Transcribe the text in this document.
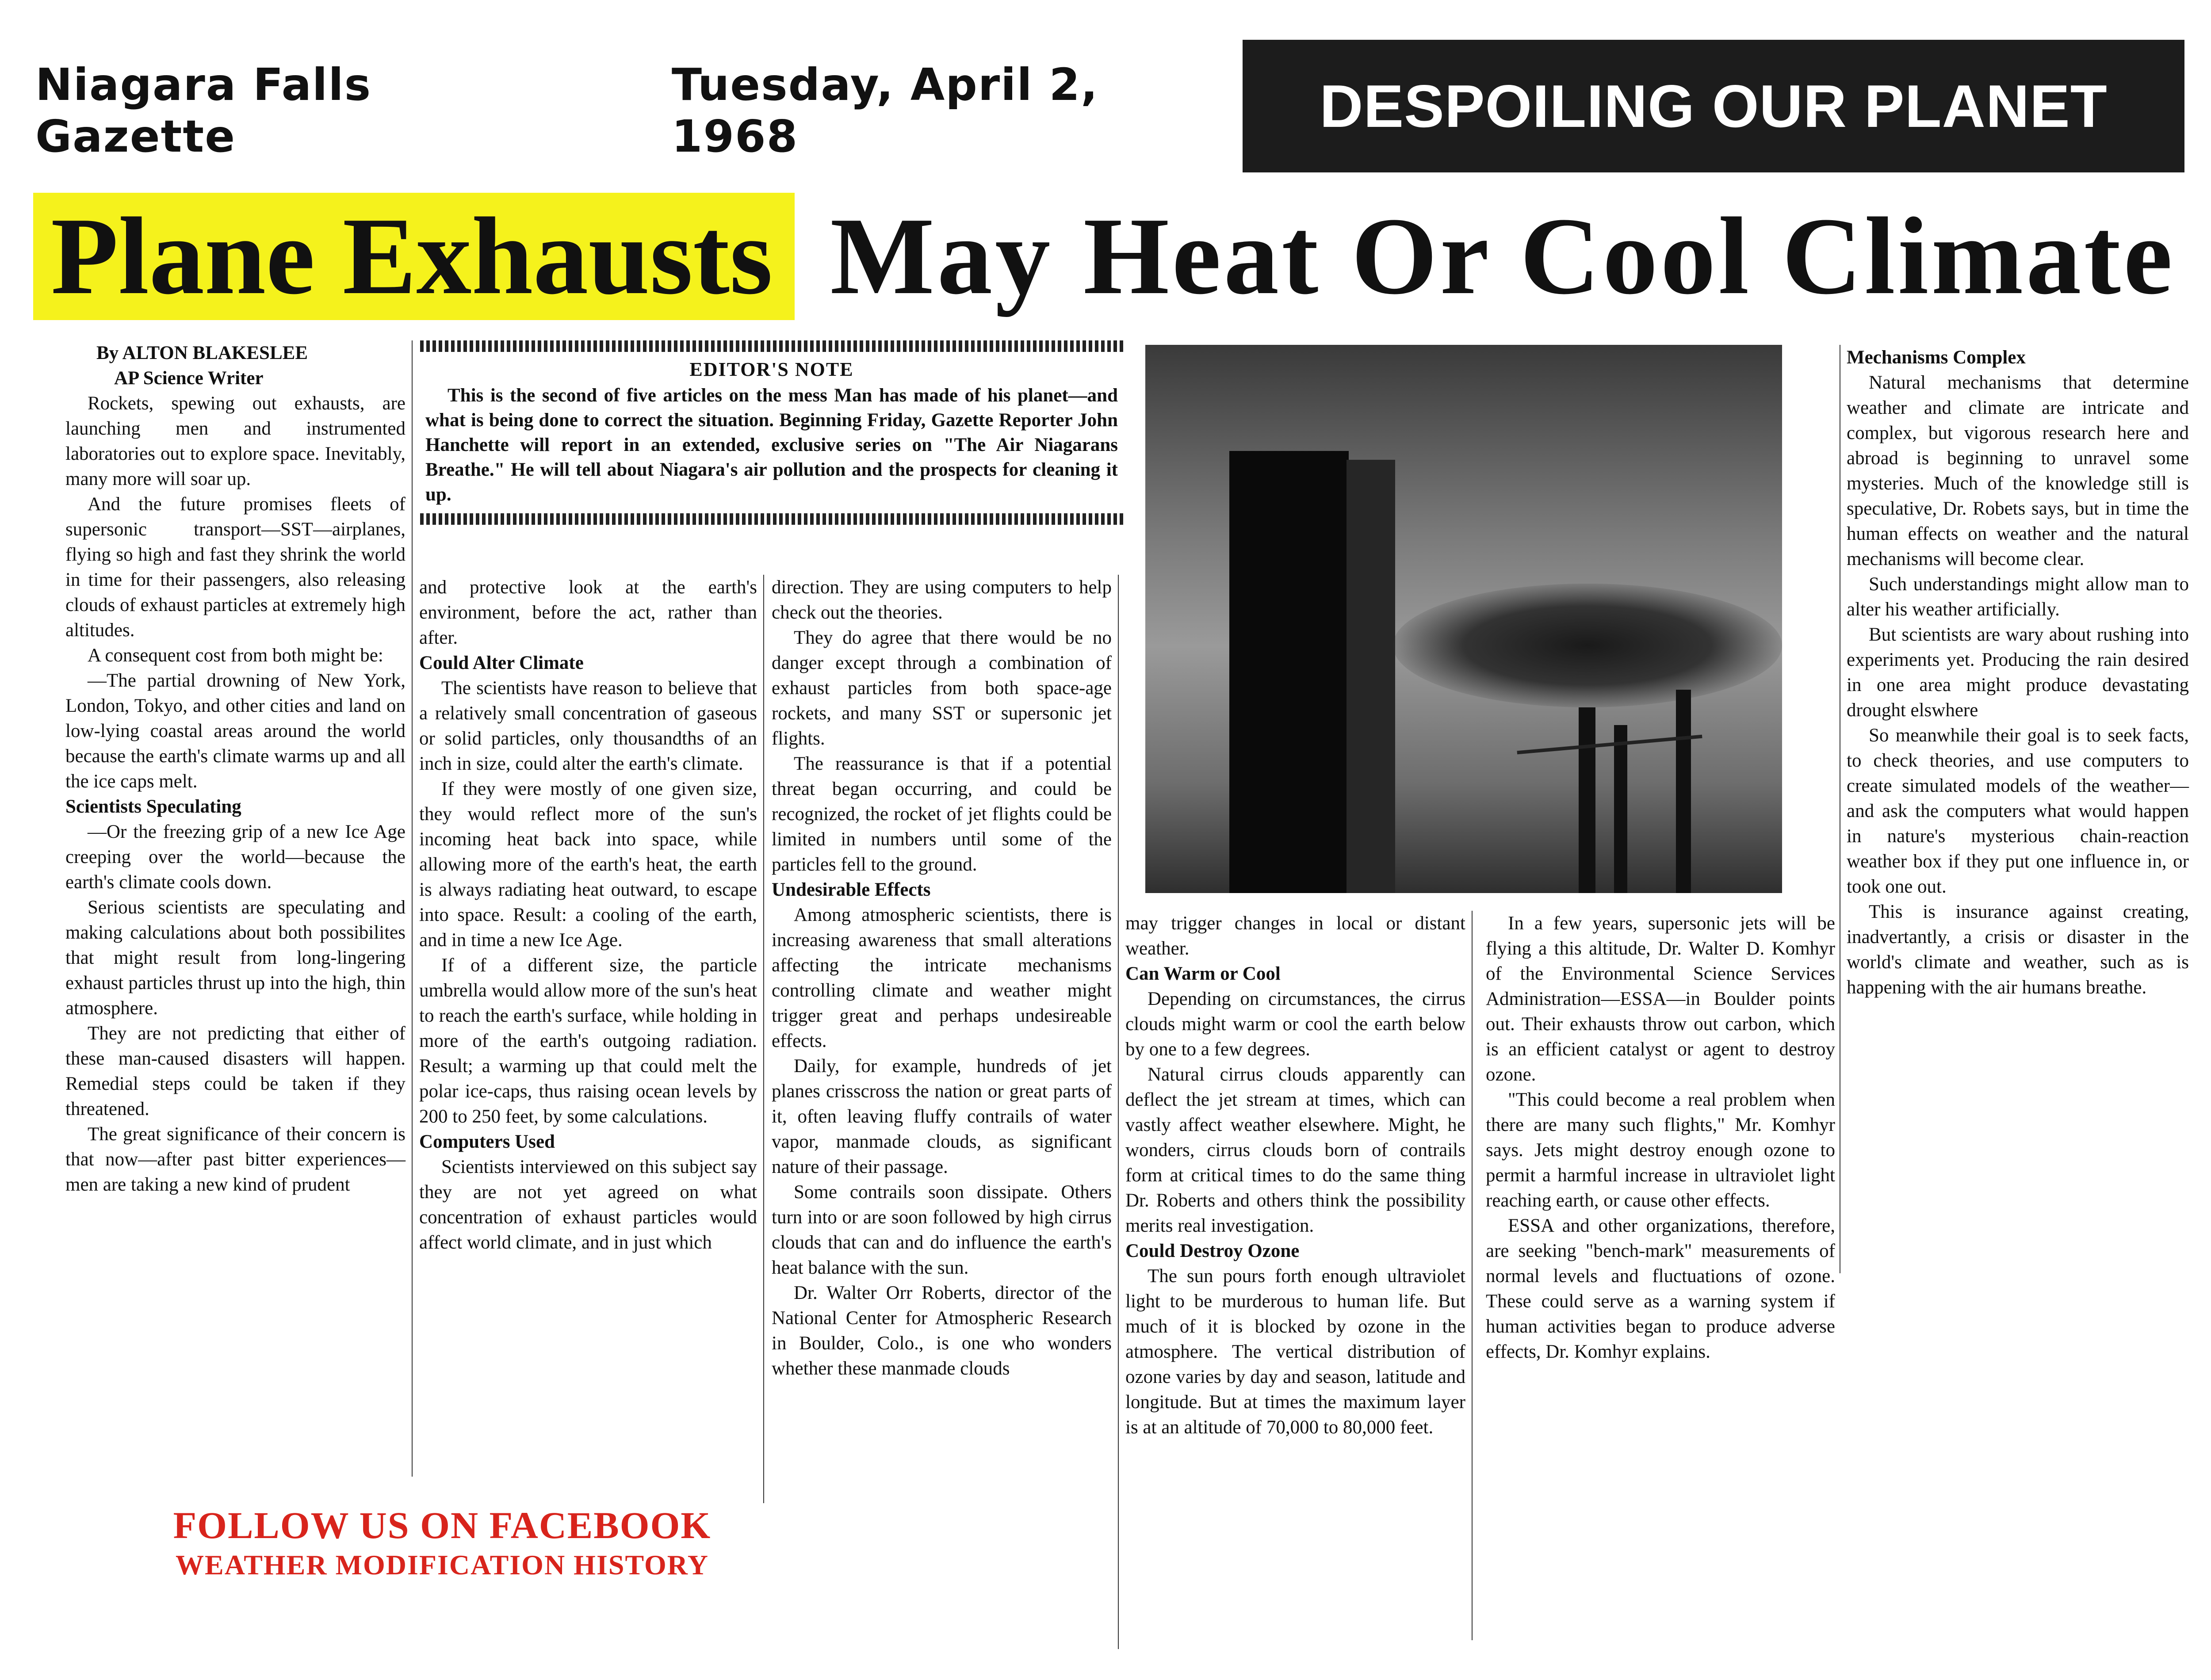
Niagara Falls Gazette
Tuesday, April 2, 1968	DESPOILING OUR PLANET
Plane Exhausts May Heat Or Cool Climate

By ALTON BLAKESLEE

AP Science Writer

Rockets, spewing out exhausts, are launching men and instrumented laboratories out to explore space. Inevitably, many more will soar up.

And the future promises fleets of supersonic transport—SST—airplanes, flying so high and fast they shrink the world in time for their passengers, also releasing clouds of exhaust particles at extremely high altitudes.

A consequent cost from both might be:

—The partial drowning of New York, London, Tokyo, and other cities and land on low-lying coastal areas around the world because the earth's climate warms up and all the ice caps melt.

Scientists Speculating

—Or the freezing grip of a new Ice Age creeping over the world—because the earth's climate cools down.

Serious scientists are speculating and making calculations about both possibilites that might result from long-lingering exhaust particles thrust up into the high, thin atmosphere.

They are not predicting that either of these man-caused disasters will happen. Remedial steps could be taken if they threatened.

The great significance of their concern is that now—after past bitter experiences—men are taking a new kind of prudent

EDITOR'S NOTE

This is the second of five articles on the mess Man has made of his planet—and what is being done to correct the situation. Beginning Friday, Gazette Reporter John Hanchette will report in an extended, exclusive series on "The Air Niagarans Breathe." He will tell about Niagara's air pollution and the prospects for cleaning it up.

and protective look at the earth's environment, before the act, rather than after.

Could Alter Climate

The scientists have reason to believe that a relatively small concentration of gaseous or solid particles, only thousandths of an inch in size, could alter the earth's climate.

If they were mostly of one given size, they would reflect more of the sun's incoming heat back into space, while allowing more of the earth's heat, the earth is always radiating heat outward, to escape into space. Result: a cooling of the earth, and in time a new Ice Age.

If of a different size, the particle umbrella would allow more of the sun's heat to reach the earth's surface, while holding in more of the earth's outgoing radiation. Result; a warming up that could melt the polar ice-caps, thus raising ocean levels by 200 to 250 feet, by some calculations.

Computers Used

Scientists interviewed on this subject say they are not yet agreed on what concentration of exhaust particles would affect world climate, and in just which

direction. They are using computers to help check out the theories.

They do agree that there would be no danger except through a combination of exhaust particles from both space-age rockets, and many SST or supersonic jet flights.

The reassurance is that if a potential threat began occurring, and could be recognized, the rocket of jet flights could be limited in numbers until some of the particles fell to the ground.

Undesirable Effects

Among atmospheric scientists, there is increasing awareness that small alterations affecting the intricate mechanisms controlling climate and weather might trigger great and perhaps undesireable effects.

Daily, for example, hundreds of jet planes crisscross the nation or great parts of it, often leaving fluffy contrails of water vapor, manmade clouds, as significant nature of their passage.

Some contrails soon dissipate. Others turn into or are soon followed by high cirrus clouds that can and do influence the earth's heat balance with the sun.

Dr. Walter Orr Roberts, director of the National Center for Atmospheric Research in Boulder, Colo., is one who wonders whether these manmade clouds

may trigger changes in local or distant weather.

Can Warm or Cool

Depending on circumstances, the cirrus clouds might warm or cool the earth below by one to a few degrees.

Natural cirrus clouds apparently can deflect the jet stream at times, which can vastly affect weather elsewhere. Might, he wonders, cirrus clouds born of contrails form at critical times to do the same thing Dr. Roberts and others think the possibility merits real investigation.

Could Destroy Ozone

The sun pours forth enough ultraviolet light to be murderous to human life. But much of it is blocked by ozone in the atmosphere. The vertical distribution of ozone varies by day and season, latitude and longitude. But at times the maximum layer is at an altitude of 70,000 to 80,000 feet.

In a few years, supersonic jets will be flying a this altitude, Dr. Walter D. Komhyr of the Environmental Science Services Administration—ESSA—in Boulder points out. Their exhausts throw out carbon, which is an efficient catalyst or agent to destroy ozone.

"This could become a real problem when there are many such flights," Mr. Komhyr says. Jets might destroy enough ozone to permit a harmful increase in ultraviolet light reaching earth, or cause other effects.

ESSA and other organizations, therefore, are seeking "bench-mark" measurements of normal levels and fluctuations of ozone. These could serve as a warning system if human activities began to produce adverse effects, Dr. Komhyr explains.

Mechanisms Complex

Natural mechanisms that determine weather and climate are intricate and complex, but vigorous research here and abroad is beginning to unravel some mysteries. Much of the knowledge still is speculative, Dr. Robets says, but in time the human effects on weather and the natural mechanisms will become clear.

Such understandings might allow man to alter his weather artificially.

But scientists are wary about rushing into experiments yet. Producing the rain desired in one area might produce devastating drought elswhere

So meanwhile their goal is to seek facts, to check theories, and use computers to create simulated models of the weather—and ask the computers what would happen in nature's mysterious chain-reaction weather box if they put one influence in, or took one out.

This is insurance against creating, inadvertantly, a crisis or disaster in the world's climate and weather, such as is happening with the air humans breathe.

FOLLOW US ON FACEBOOK
WEATHER MODIFICATION HISTORY
